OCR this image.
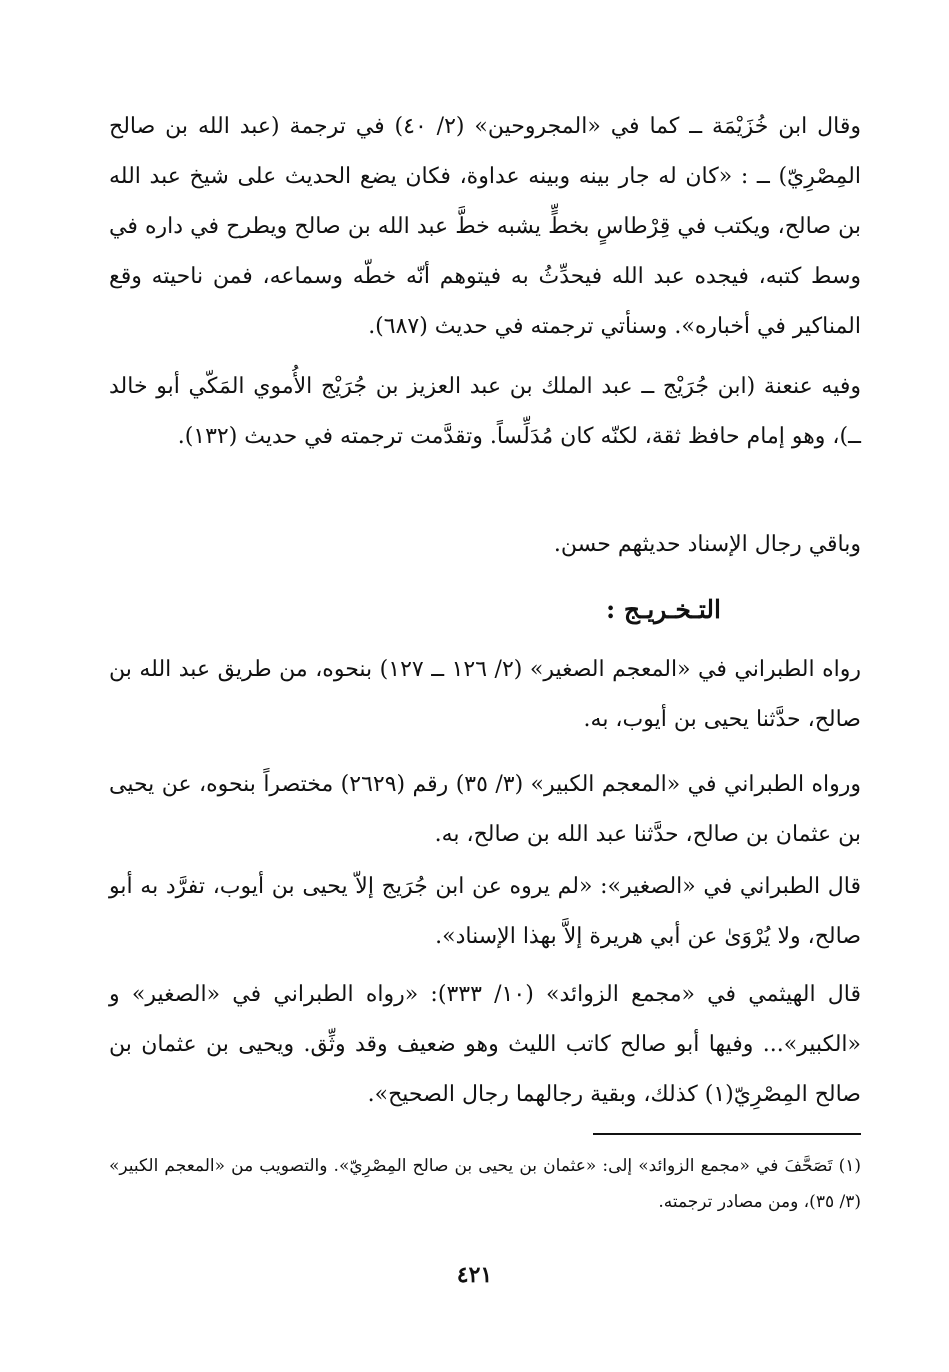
وقال ابن خُزَيْمَة ــ كما في «المجروحين» (٢/ ٤٠) في ترجمة (عبد الله بن صالح المِصْرِيّ) ــ : «كان له جار بينه وبينه عداوة، فكان يضع الحديث على شيخ عبد الله بن صالح، ويكتب في قِرْطاسٍ بخطٍّ يشبه خطَّ عبد الله بن صالح ويطرح في داره في وسط كتبه، فيجده عبد الله فيحدِّثُ به فيتوهم أنّه خطّه وسماعه، فمن ناحيته وقع المناكير في أخباره». وسنأتي ترجمته في حديث (٦٨٧).

وفيه عنعنة (ابن جُرَيْج ــ عبد الملك بن عبد العزيز بن جُرَيْج الأُموي المَكّي أبو خالد ــ)، وهو إمام حافظ ثقة، لكنّه كان مُدَلِّساً. وتقدَّمت ترجمته في حديث (١٣٢).

وباقي رجال الإسناد حديثهم حسن.

التـخـريـج :

رواه الطبراني في «المعجم الصغير» (٢/ ١٢٦ ــ ١٢٧) بنحوه، من طريق عبد الله بن صالح، حدَّثنا يحيى بن أيوب، به.

ورواه الطبراني في «المعجم الكبير» (٣/ ٣٥) رقم (٢٦٢٩) مختصراً بنحوه، عن يحيى بن عثمان بن صالح، حدَّثنا عبد الله بن صالح، به.

قال الطبراني في «الصغير»: «لم يروه عن ابن جُرَيج إلاّ يحيى بن أيوب، تفرَّد به أبو صالح، ولا يُرْوَىٰ عن أبي هريرة إلاَّ بهذا الإسناد».

قال الهيثمي في «مجمع الزوائد» (١٠/ ٣٣٣): «رواه الطبراني في «الصغير» و «الكبير»... وفيها أبو صالح كاتب الليث وهو ضعيف وقد وثِّق. ويحيى بن عثمان بن صالح المِصْرِيّ(١) كذلك، وبقية رجالهما رجال الصحيح».

(١) تَصَحَّفَ في «مجمع الزوائد» إلى: «عثمان بن يحيى بن صالح المِصْرِيّ». والتصويب من «المعجم الكبير» (٣/ ٣٥)، ومن مصادر ترجمته.

٤٢١
